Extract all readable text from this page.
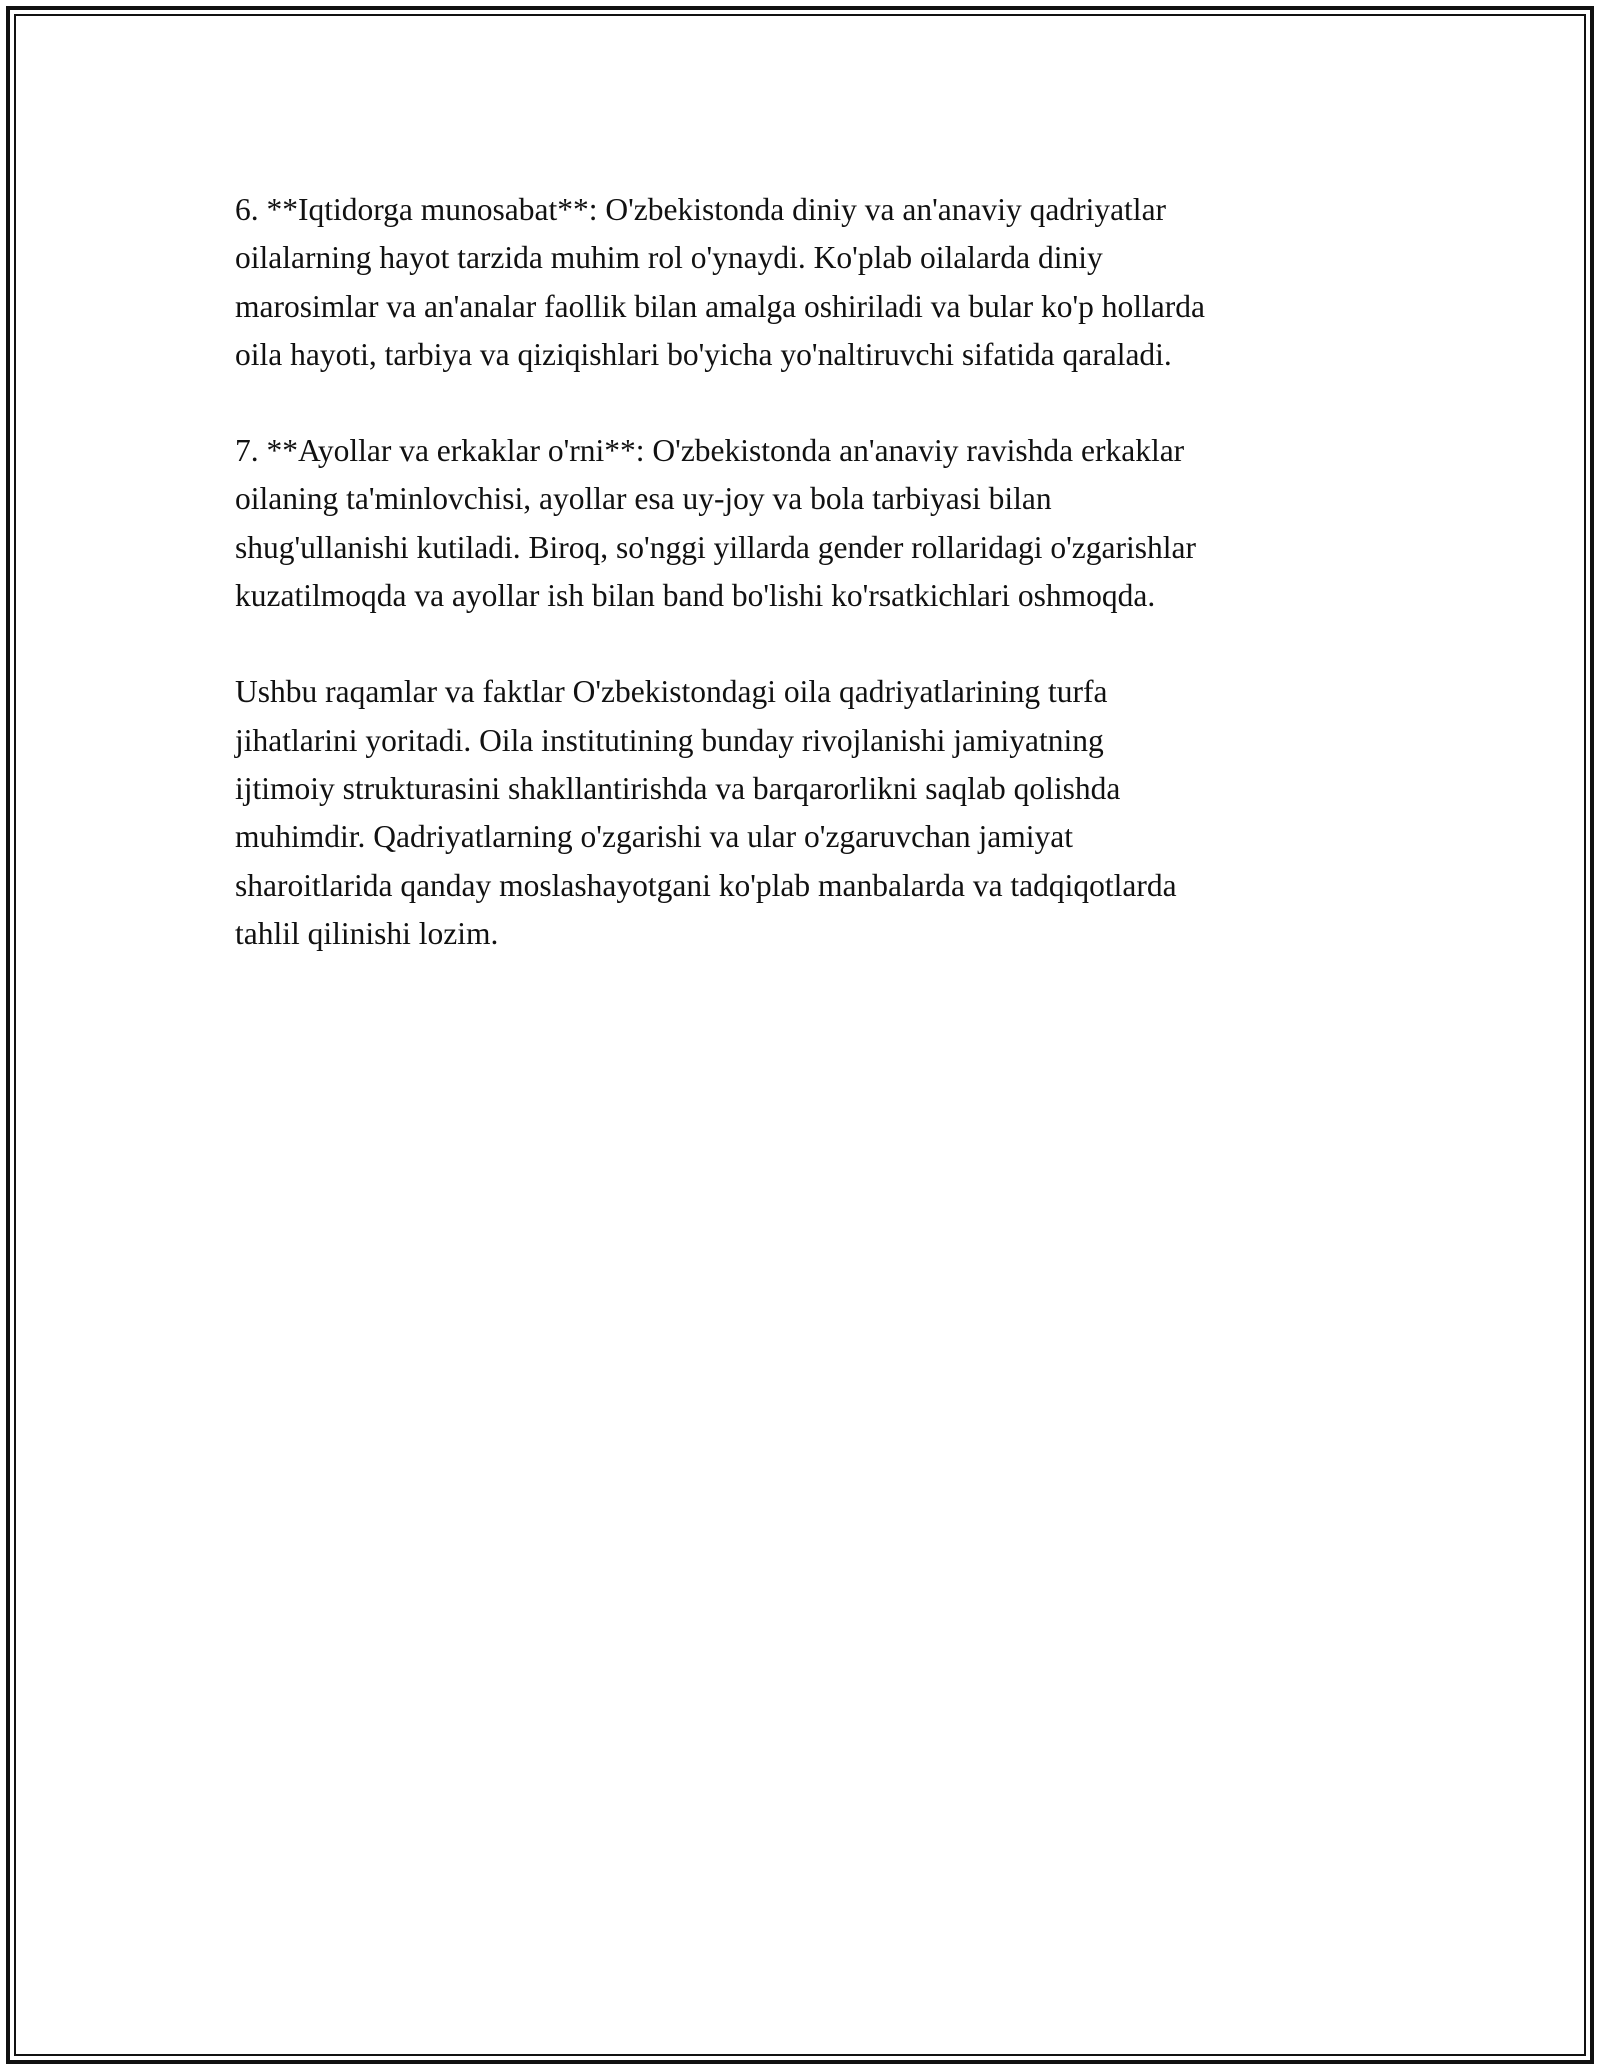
6. **Iqtidorga munosabat**: O'zbekistonda diniy va an'anaviy qadriyatlar
oilalarning hayot tarzida muhim rol o'ynaydi. Ko'plab oilalarda diniy
marosimlar va an'analar faollik bilan amalga oshiriladi va bular ko'p hollarda
oila hayoti, tarbiya va qiziqishlari bo'yicha yo'naltiruvchi sifatida qaraladi.

7. **Ayollar va erkaklar o'rni**: O'zbekistonda an'anaviy ravishda erkaklar
oilaning ta'minlovchisi, ayollar esa uy-joy va bola tarbiyasi bilan
shug'ullanishi kutiladi. Biroq, so'nggi yillarda gender rollaridagi o'zgarishlar
kuzatilmoqda va ayollar ish bilan band bo'lishi ko'rsatkichlari oshmoqda.

Ushbu raqamlar va faktlar O'zbekistondagi oila qadriyatlarining turfa
jihatlarini yoritadi. Oila institutining bunday rivojlanishi jamiyatning
ijtimoiy strukturasini shakllantirishda va barqarorlikni saqlab qolishda
muhimdir. Qadriyatlarning o'zgarishi va ular o'zgaruvchan jamiyat
sharoitlarida qanday moslashayotgani ko'plab manbalarda va tadqiqotlarda
tahlil qilinishi lozim.
